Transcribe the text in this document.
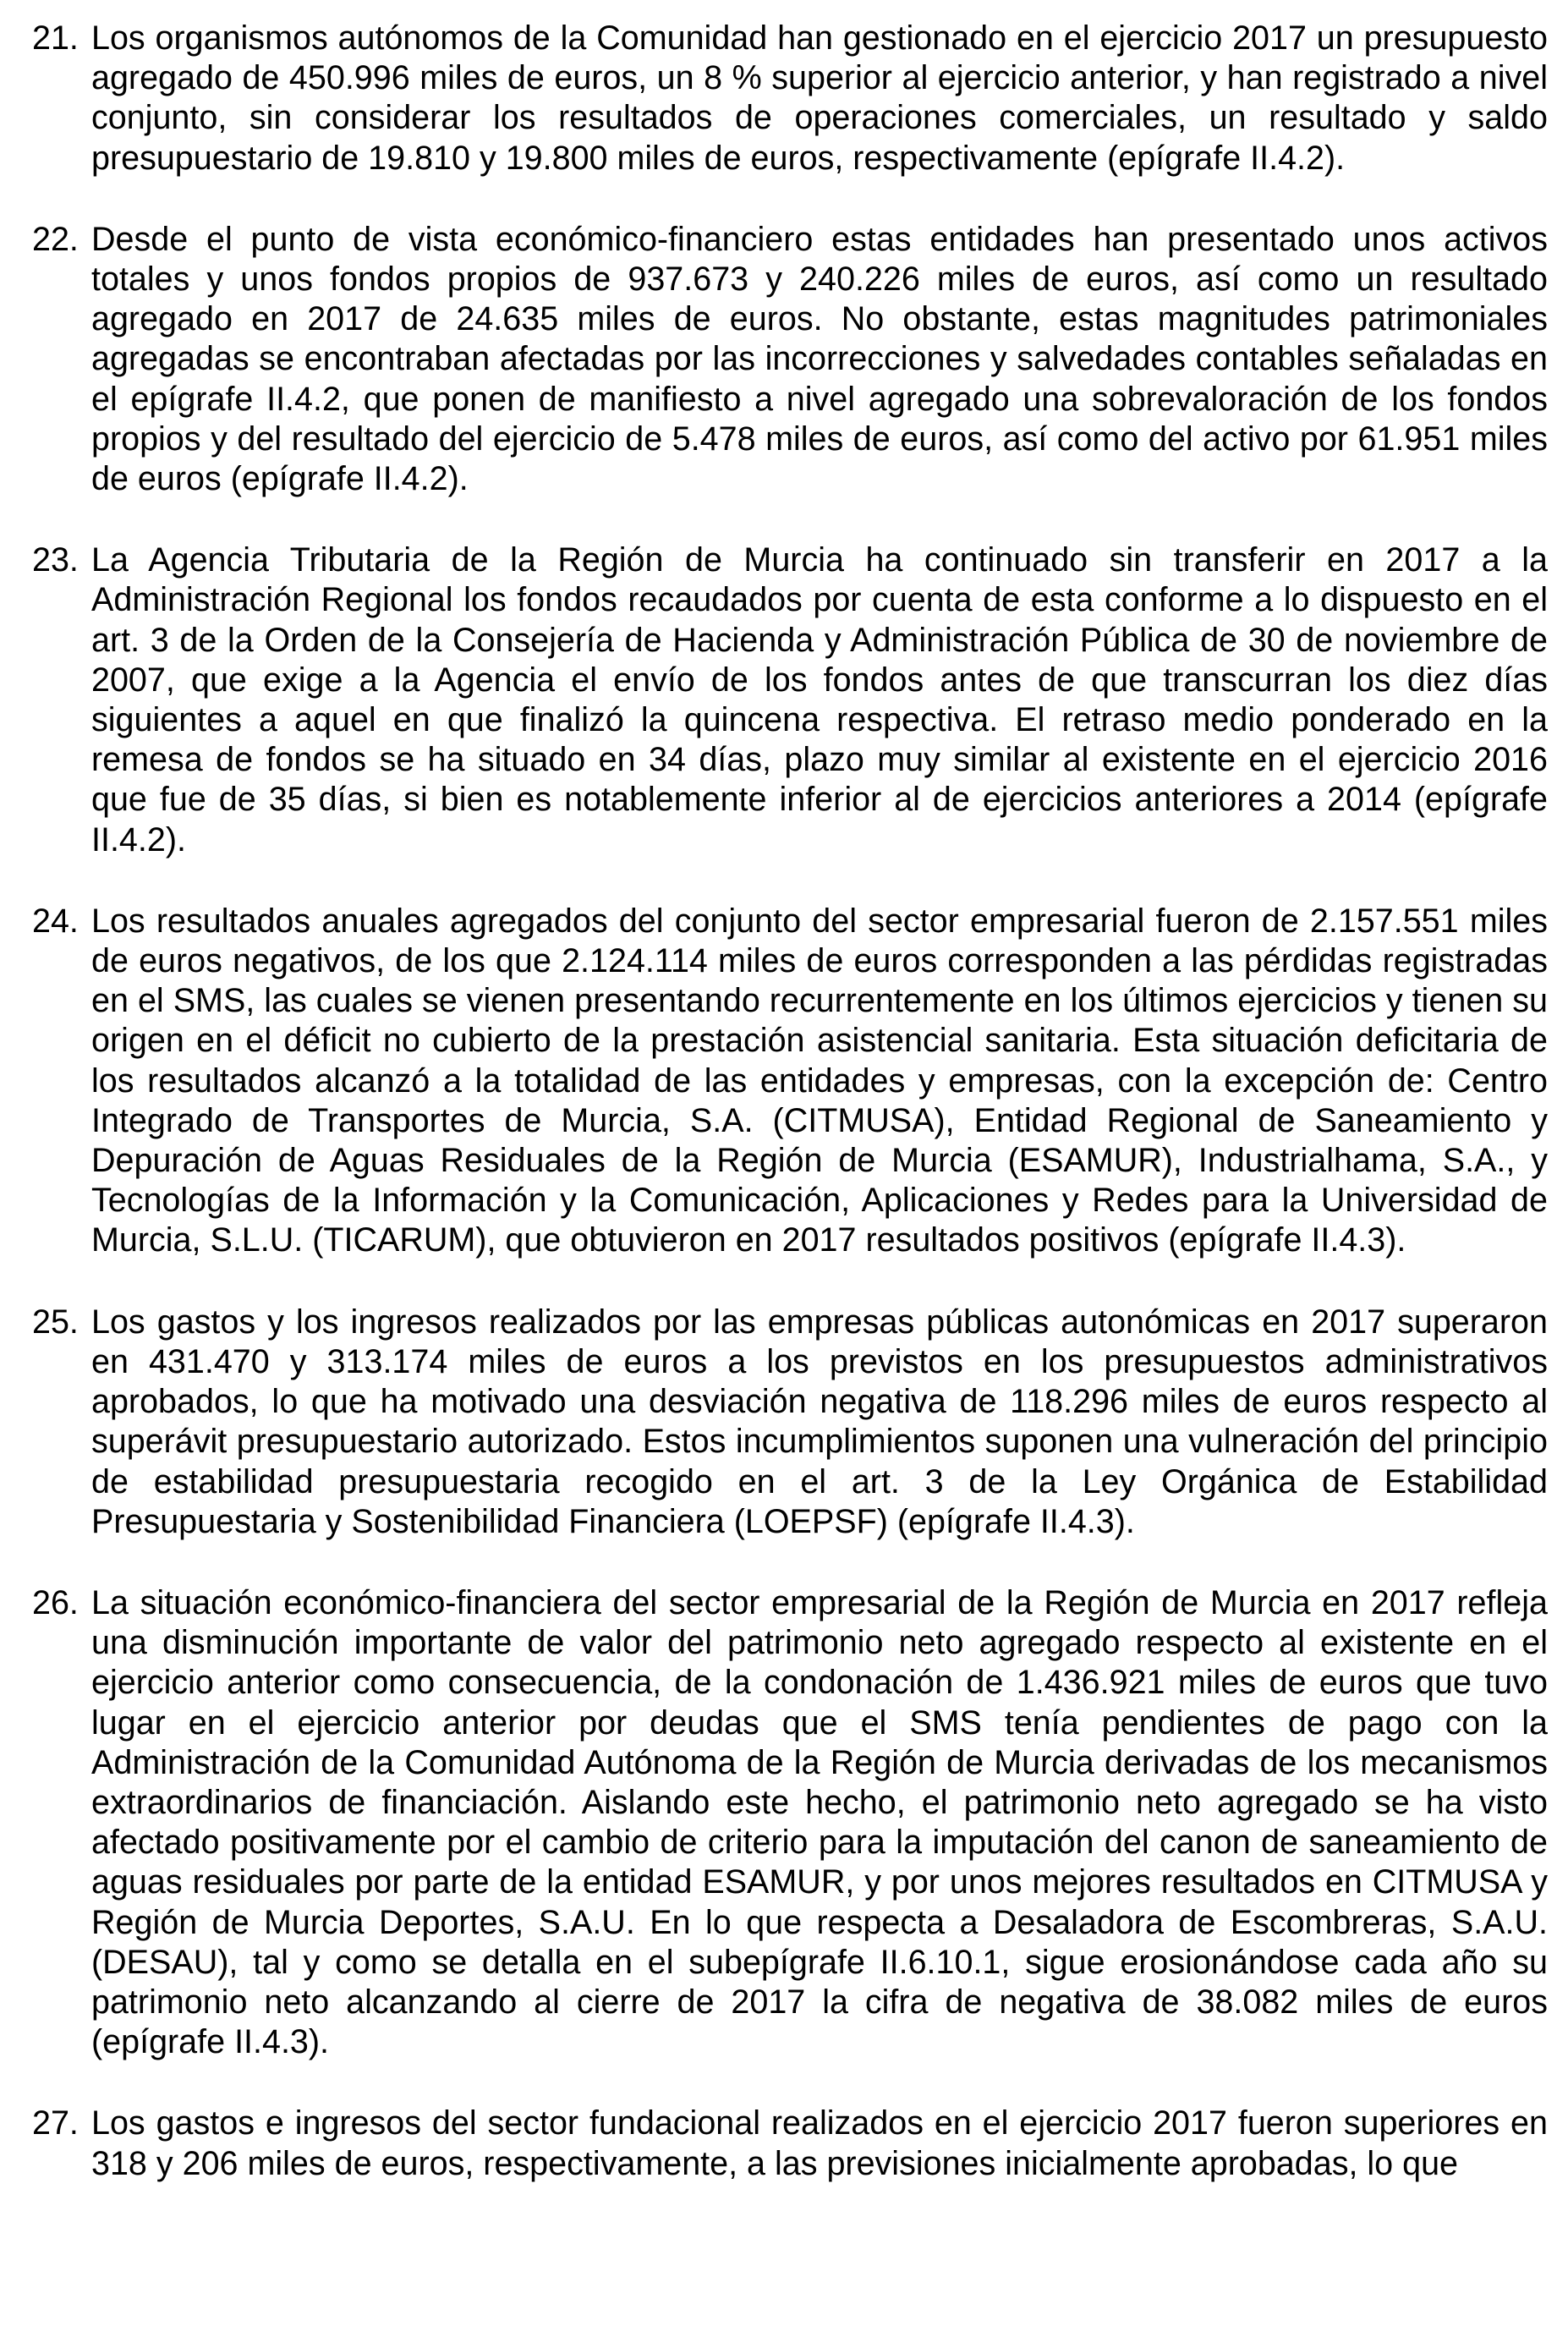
21. Los organismos autónomos de la Comunidad han gestionado en el ejercicio 2017 un presupuesto agregado de 450.996 miles de euros, un 8 % superior al ejercicio anterior, y han registrado a nivel conjunto, sin considerar los resultados de operaciones comerciales, un resultado y saldo presupuestario de 19.810 y 19.800 miles de euros, respectivamente (epígrafe II.4.2).
22. Desde el punto de vista económico-financiero estas entidades han presentado unos activos totales y unos fondos propios de 937.673 y 240.226 miles de euros, así como un resultado agregado en 2017 de 24.635 miles de euros. No obstante, estas magnitudes patrimoniales agregadas se encontraban afectadas por las incorrecciones y salvedades contables señaladas en el epígrafe II.4.2, que ponen de manifiesto a nivel agregado una sobrevaloración de los fondos propios y del resultado del ejercicio de 5.478 miles de euros, así como del activo por 61.951 miles de euros (epígrafe II.4.2).
23. La Agencia Tributaria de la Región de Murcia ha continuado sin transferir en 2017 a la Administración Regional los fondos recaudados por cuenta de esta conforme a lo dispuesto en el art. 3 de la Orden de la Consejería de Hacienda y Administración Pública de 30 de noviembre de 2007, que exige a la Agencia el envío de los fondos antes de que transcurran los diez días siguientes a aquel en que finalizó la quincena respectiva. El retraso medio ponderado en la remesa de fondos se ha situado en 34 días, plazo muy similar al existente en el ejercicio 2016 que fue de 35 días, si bien es notablemente inferior al de ejercicios anteriores a 2014 (epígrafe II.4.2).
24. Los resultados anuales agregados del conjunto del sector empresarial fueron de 2.157.551 miles de euros negativos, de los que 2.124.114 miles de euros corresponden a las pérdidas registradas en el SMS, las cuales se vienen presentando recurrentemente en los últimos ejercicios y tienen su origen en el déficit no cubierto de la prestación asistencial sanitaria. Esta situación deficitaria de los resultados alcanzó a la totalidad de las entidades y empresas, con la excepción de: Centro Integrado de Transportes de Murcia, S.A. (CITMUSA), Entidad Regional de Saneamiento y Depuración de Aguas Residuales de la Región de Murcia (ESAMUR), Industrialhama, S.A., y Tecnologías de la Información y la Comunicación, Aplicaciones y Redes para la Universidad de Murcia, S.L.U. (TICARUM), que obtuvieron en 2017 resultados positivos (epígrafe II.4.3).
25. Los gastos y los ingresos realizados por las empresas públicas autonómicas en 2017 superaron en 431.470 y 313.174 miles de euros a los previstos en los presupuestos administrativos aprobados, lo que ha motivado una desviación negativa de 118.296 miles de euros respecto al superávit presupuestario autorizado. Estos incumplimientos suponen una vulneración del principio de estabilidad presupuestaria recogido en el art. 3 de la Ley Orgánica de Estabilidad Presupuestaria y Sostenibilidad Financiera (LOEPSF) (epígrafe II.4.3).
26. La situación económico-financiera del sector empresarial de la Región de Murcia en 2017 refleja una disminución importante de valor del patrimonio neto agregado respecto al existente en el ejercicio anterior como consecuencia, de la condonación de 1.436.921 miles de euros que tuvo lugar en el ejercicio anterior por deudas que el SMS tenía pendientes de pago con la Administración de la Comunidad Autónoma de la Región de Murcia derivadas de los mecanismos extraordinarios de financiación. Aislando este hecho, el patrimonio neto agregado se ha visto afectado positivamente por el cambio de criterio para la imputación del canon de saneamiento de aguas residuales por parte de la entidad ESAMUR, y por unos mejores resultados en CITMUSA y Región de Murcia Deportes, S.A.U. En lo que respecta a Desaladora de Escombreras, S.A.U. (DESAU), tal y como se detalla en el subepígrafe II.6.10.1, sigue erosionándose cada año su patrimonio neto alcanzando al cierre de 2017 la cifra de negativa de 38.082 miles de euros (epígrafe II.4.3).
27. Los gastos e ingresos del sector fundacional realizados en el ejercicio 2017 fueron superiores en 318 y 206 miles de euros, respectivamente, a las previsiones inicialmente aprobadas, lo que
